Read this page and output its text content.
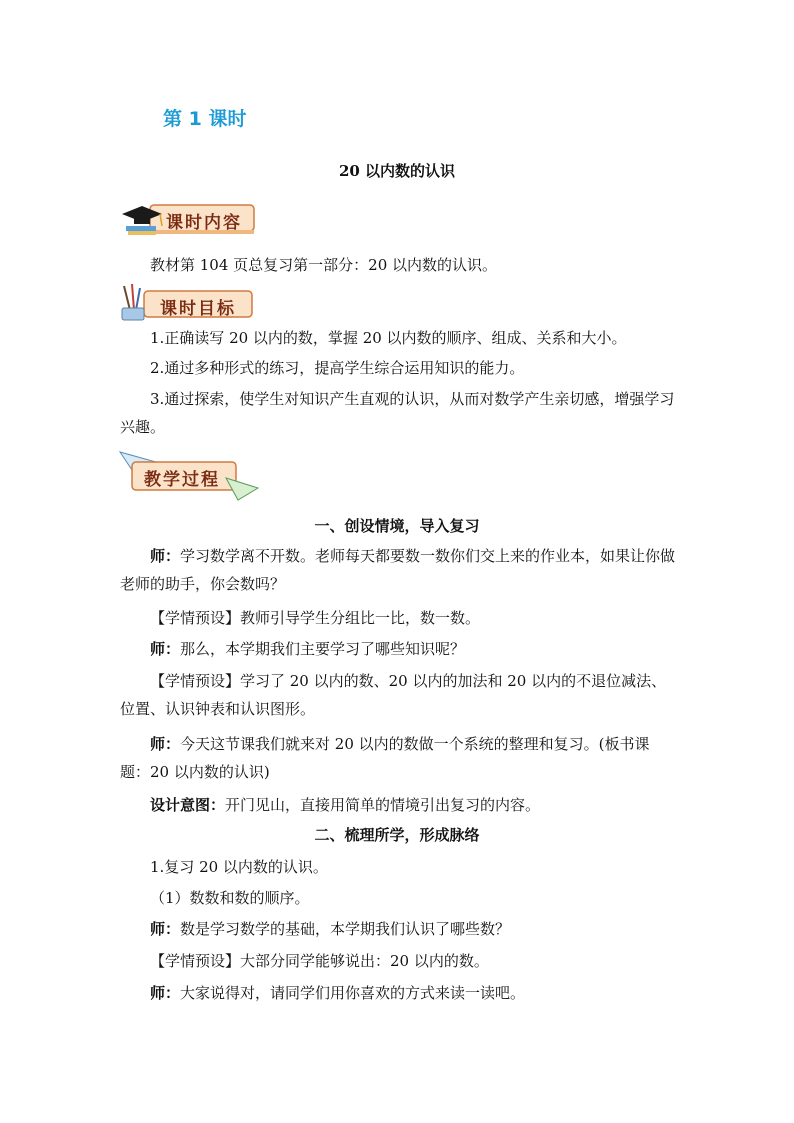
第 1 课时
20 以内数的认识
课时内容
教材第 104 页总复习第一部分：20 以内数的认识。
课时目标
1.正确读写 20 以内的数，掌握 20 以内数的顺序、组成、关系和大小。
2.通过多种形式的练习，提高学生综合运用知识的能力。
3.通过探索，使学生对知识产生直观的认识，从而对数学产生亲切感，增强学习兴趣。
教学过程
一、创设情境，导入复习
师：学习数学离不开数。老师每天都要数一数你们交上来的作业本，如果让你做老师的助手，你会数吗？
【学情预设】教师引导学生分组比一比，数一数。
师：那么，本学期我们主要学习了哪些知识呢？
【学情预设】学习了 20 以内的数、20 以内的加法和 20 以内的不退位减法、位置、认识钟表和认识图形。
师：今天这节课我们就来对 20 以内的数做一个系统的整理和复习。(板书课题：20 以内数的认识)
设计意图：开门见山，直接用简单的情境引出复习的内容。
二、梳理所学，形成脉络
1.复习 20 以内数的认识。
（1）数数和数的顺序。
师：数是学习数学的基础，本学期我们认识了哪些数？
【学情预设】大部分同学能够说出：20 以内的数。
师：大家说得对，请同学们用你喜欢的方式来读一读吧。
